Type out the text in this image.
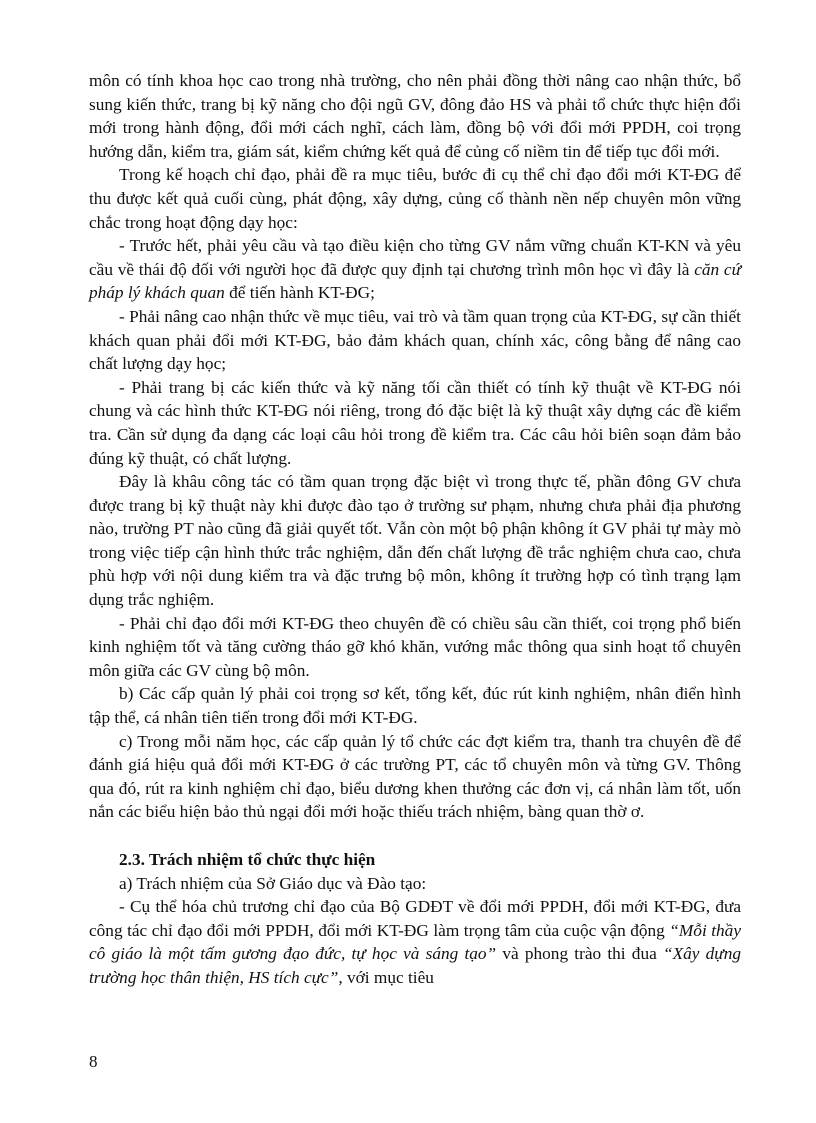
môn có tính khoa học cao trong nhà trường, cho nên phải đồng thời nâng cao nhận thức, bổ sung kiến thức, trang bị kỹ năng cho đội ngũ GV, đông đảo HS và phải tổ chức thực hiện đổi mới trong hành động, đổi mới cách nghĩ, cách làm, đồng bộ với đổi mới PPDH, coi trọng hướng dẫn, kiểm tra, giám sát, kiểm chứng kết quả để củng cố niềm tin để tiếp tục đổi mới.

Trong kế hoạch chỉ đạo, phải đề ra mục tiêu, bước đi cụ thể chỉ đạo đổi mới KT-ĐG để thu được kết quả cuối cùng, phát động, xây dựng, củng cố thành nền nếp chuyên môn vững chắc trong hoạt động dạy học:

- Trước hết, phải yêu cầu và tạo điều kiện cho từng GV nắm vững chuẩn KT-KN và yêu cầu về thái độ đối với người học đã được quy định tại chương trình môn học vì đây là căn cứ pháp lý khách quan để tiến hành KT-ĐG;

- Phải nâng cao nhận thức về mục tiêu, vai trò và tầm quan trọng của KT-ĐG, sự cần thiết khách quan phải đổi mới KT-ĐG, bảo đảm khách quan, chính xác, công bằng để nâng cao chất lượng dạy học;

- Phải trang bị các kiến thức và kỹ năng tối cần thiết có tính kỹ thuật về KT-ĐG nói chung và các hình thức KT-ĐG nói riêng, trong đó đặc biệt là kỹ thuật xây dựng các đề kiểm tra. Cần sử dụng đa dạng các loại câu hỏi trong đề kiểm tra. Các câu hỏi biên soạn đảm bảo đúng kỹ thuật, có chất lượng.

Đây là khâu công tác có tầm quan trọng đặc biệt vì trong thực tế, phần đông GV chưa được trang bị kỹ thuật này khi được đào tạo ở trường sư phạm, nhưng chưa phải địa phương nào, trường PT nào cũng đã giải quyết tốt. Vẫn còn một bộ phận không ít GV phải tự mày mò trong việc tiếp cận hình thức trắc nghiệm, dẫn đến chất lượng đề trắc nghiệm chưa cao, chưa phù hợp với nội dung kiểm tra và đặc trưng bộ môn, không ít trường hợp có tình trạng lạm dụng trắc nghiệm.

- Phải chỉ đạo đổi mới KT-ĐG theo chuyên đề có chiều sâu cần thiết, coi trọng phổ biến kinh nghiệm tốt và tăng cường tháo gỡ khó khăn, vướng mắc thông qua sinh hoạt tổ chuyên môn giữa các GV cùng bộ môn.

b) Các cấp quản lý phải coi trọng sơ kết, tổng kết, đúc rút kinh nghiệm, nhân điển hình tập thể, cá nhân tiên tiến trong đổi mới KT-ĐG.

c) Trong mỗi năm học, các cấp quản lý tổ chức các đợt kiểm tra, thanh tra chuyên đề để đánh giá hiệu quả đổi mới KT-ĐG ở các trường PT, các tổ chuyên môn và từng GV. Thông qua đó, rút ra kinh nghiệm chỉ đạo, biểu dương khen thưởng các đơn vị, cá nhân làm tốt, uốn nắn các biểu hiện bảo thủ ngại đổi mới hoặc thiếu trách nhiệm, bàng quan thờ ơ.

2.3. Trách nhiệm tổ chức thực hiện

a) Trách nhiệm của Sở Giáo dục và Đào tạo:

- Cụ thể hóa chủ trương chỉ đạo của Bộ GDĐT về đổi mới PPDH, đổi mới KT-ĐG, đưa công tác chỉ đạo đổi mới PPDH, đổi mới KT-ĐG làm trọng tâm của cuộc vận động “Mỗi thầy cô giáo là một tấm gương đạo đức, tự học và sáng tạo” và phong trào thi đua “Xây dựng trường học thân thiện, HS tích cực”, với mục tiêu

8
